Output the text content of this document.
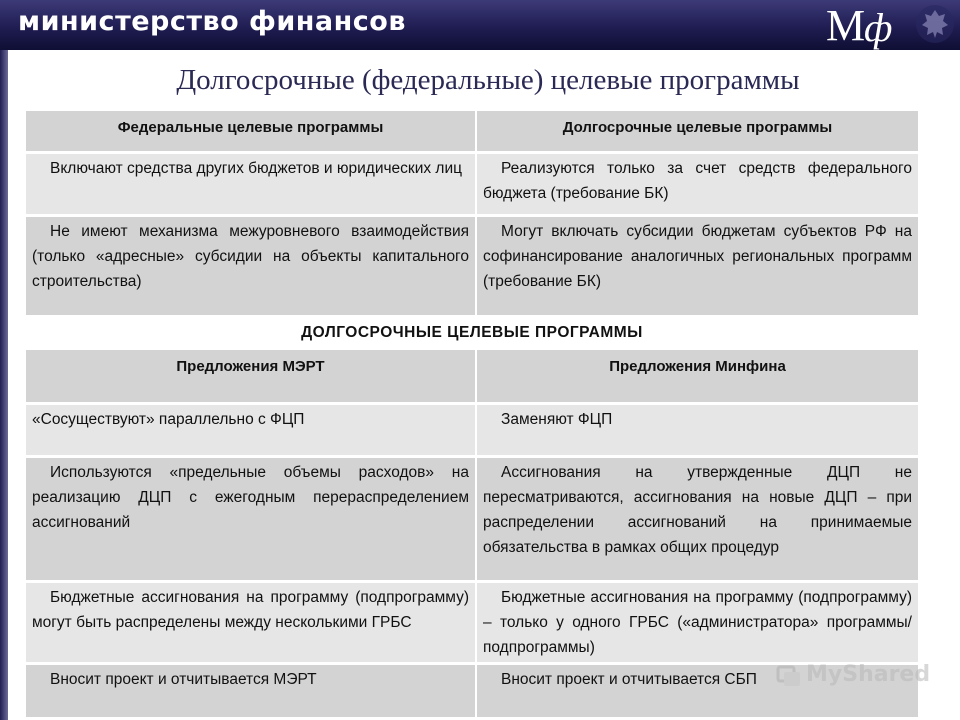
министерство финансов	М
ф
Долгосрочные (федеральные) целевые программы
Федеральные целевые программы	Долгосрочные целевые программы
Включают средства других бюджетов и юридических лиц	Реализуются только за счет средств федерального бюджета (требование БК)
Не имеют механизма межуровневого взаимодействия (только «адресные» субсидии на объекты капитального строительства)	Могут включать субсидии бюджетам субъектов РФ на софинансирование аналогичных региональных программ (требование БК)
ДОЛГОСРОЧНЫЕ ЦЕЛЕВЫЕ ПРОГРАММЫ	
Предложения МЭРТ	Предложения Минфина
«Сосуществуют» параллельно с ФЦП	Заменяют ФЦП
Используются «предельные объемы расходов» на реализацию ДЦП с ежегодным перераспределением ассигнований	Ассигнования на утвержденные ДЦП не пересматриваются, ассигнования на новые ДЦП – при распределении ассигнований на принимаемые обязательства в рамках общих процедур
Бюджетные ассигнования на программу (подпрограмму) могут быть распределены между несколькими ГРБС	Бюджетные ассигнования на программу (подпрограмму) – только у одного ГРБС («администратора» программы/подпрограммы)
Вносит проект и отчитывается МЭРТ	Вносит проект и отчитывается СБП MyShared
